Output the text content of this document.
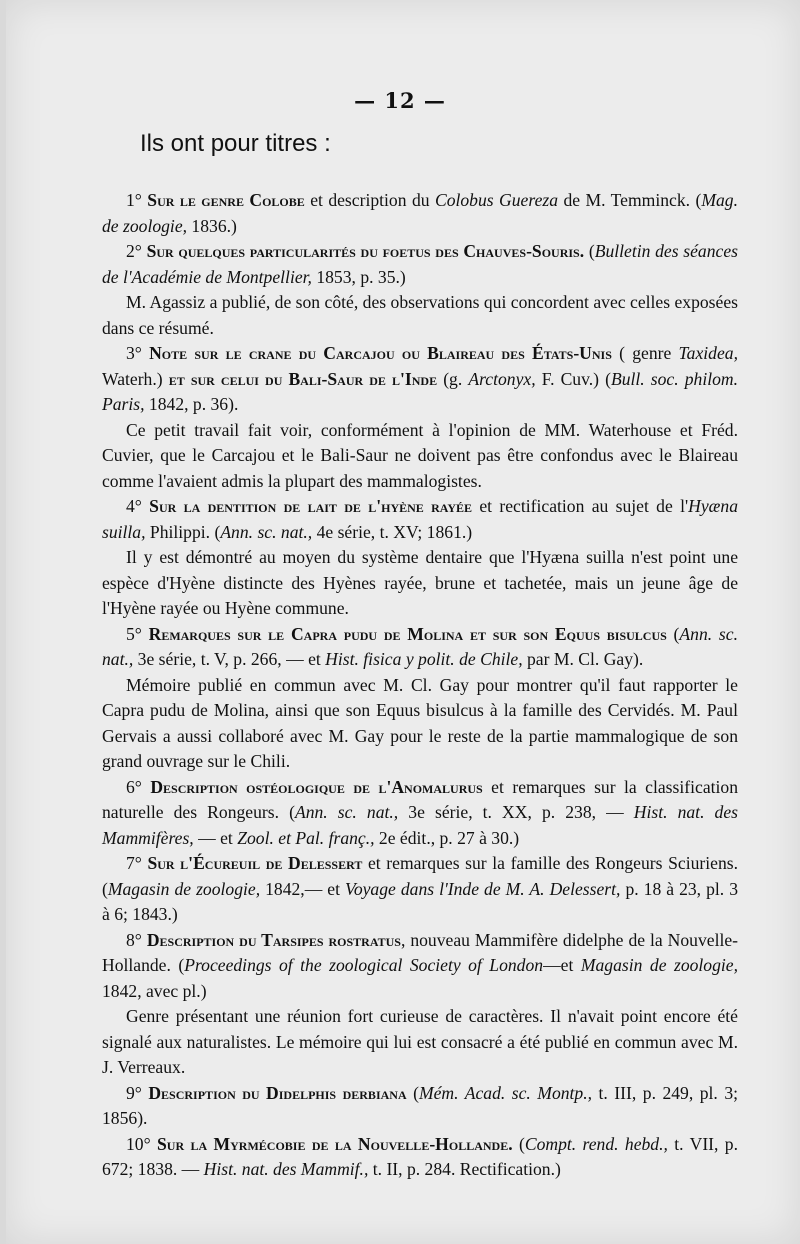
— 12 —
Ils ont pour titres :

1° Sur le genre Colobe et description du Colobus Guereza de M. Temminck. (Mag. de zoologie, 1836.)

2° Sur quelques particularités du foetus des Chauves-Souris. (Bulletin des séances de l'Académie de Montpellier, 1853, p. 35.)

M. Agassiz a publié, de son côté, des observations qui concordent avec celles exposées dans ce résumé.

3° Note sur le crane du Carcajou ou Blaireau des États-Unis ( genre Taxidea, Waterh.) et sur celui du Bali-Saur de l'Inde (g. Arctonyx, F. Cuv.) (Bull. soc. philom. Paris, 1842, p. 36).

Ce petit travail fait voir, conformément à l'opinion de MM. Waterhouse et Fréd. Cuvier, que le Carcajou et le Bali-Saur ne doivent pas être confondus avec le Blaireau comme l'avaient admis la plupart des mammalogistes.

4° Sur la dentition de lait de l'hyène rayée et rectification au sujet de l'Hyæna suilla, Philippi. (Ann. sc. nat., 4e série, t. XV; 1861.)

Il y est démontré au moyen du système dentaire que l'Hyæna suilla n'est point une espèce d'Hyène distincte des Hyènes rayée, brune et tachetée, mais un jeune âge de l'Hyène rayée ou Hyène commune.

5° Remarques sur le Capra pudu de Molina et sur son Equus bisulcus (Ann. sc. nat., 3e série, t. V, p. 266, — et Hist. fisica y polit. de Chile, par M. Cl. Gay).

Mémoire publié en commun avec M. Cl. Gay pour montrer qu'il faut rapporter le Capra pudu de Molina, ainsi que son Equus bisulcus à la famille des Cervidés. M. Paul Gervais a aussi collaboré avec M. Gay pour le reste de la partie mammalogique de son grand ouvrage sur le Chili.

6° Description ostéologique de l'Anomalurus et remarques sur la classification naturelle des Rongeurs. (Ann. sc. nat., 3e série, t. XX, p. 238, — Hist. nat. des Mammifères, — et Zool. et Pal. franç., 2e édit., p. 27 à 30.)

7° Sur l'Écureuil de Delessert et remarques sur la famille des Rongeurs Sciuriens. (Magasin de zoologie, 1842,— et Voyage dans l'Inde de M. A. Delessert, p. 18 à 23, pl. 3 à 6; 1843.)

8° Description du Tarsipes rostratus, nouveau Mammifère didelphe de la Nouvelle-Hollande. (Proceedings of the zoological Society of London—et Magasin de zoologie, 1842, avec pl.)

Genre présentant une réunion fort curieuse de caractères. Il n'avait point encore été signalé aux naturalistes. Le mémoire qui lui est consacré a été publié en commun avec M. J. Verreaux.

9° Description du Didelphis derbiana (Mém. Acad. sc. Montp., t. III, p. 249, pl. 3; 1856).

10° Sur la Myrmécobie de la Nouvelle-Hollande. (Compt. rend. hebd., t. VII, p. 672; 1838. — Hist. nat. des Mammif., t. II, p. 284. Rectification.)
